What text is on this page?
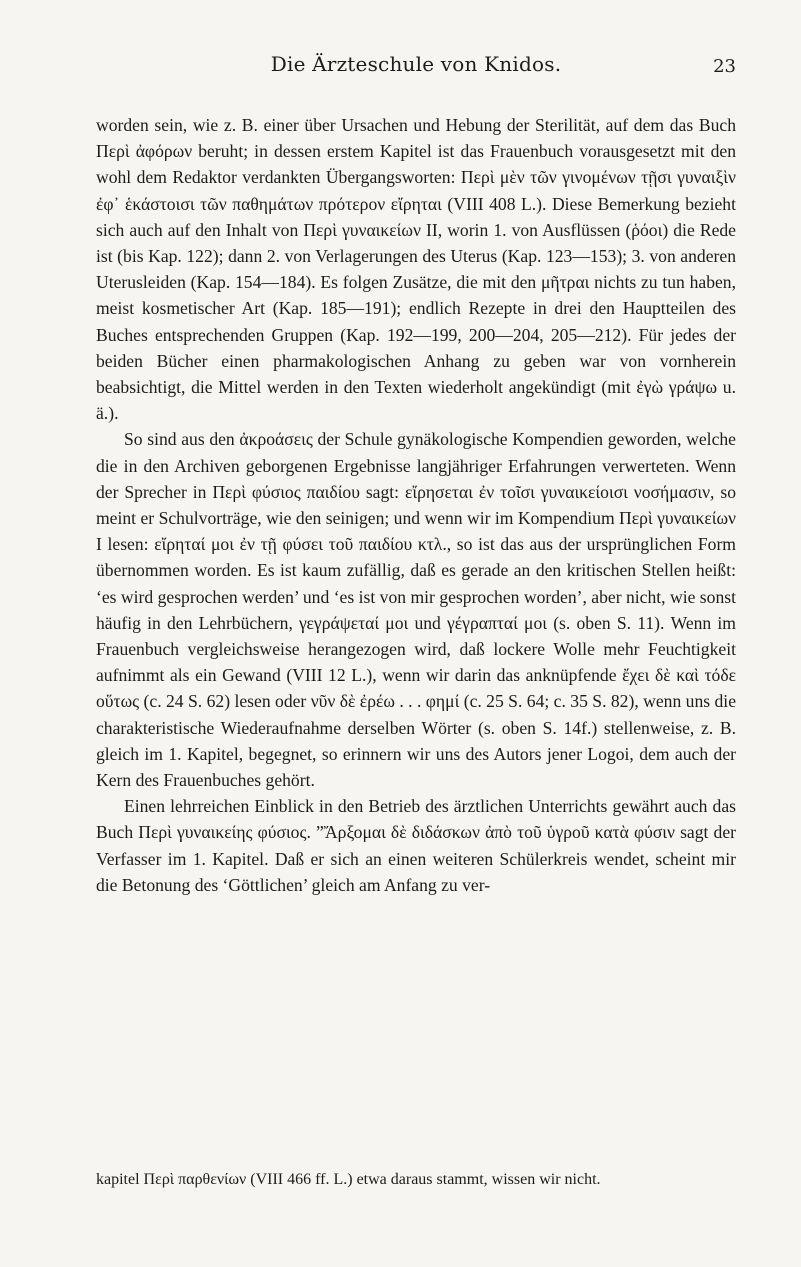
Die Ärzteschule von Knidos.	23

worden sein, wie z. B. einer über Ursachen und Hebung der Sterilität, auf dem das Buch Περὶ ἀφόρων beruht; in dessen erstem Kapitel ist das Frauenbuch vorausgesetzt mit den wohl dem Redaktor verdankten Übergangsworten: Περὶ μὲν τῶν γινομένων τῇσι γυναιξὶν ἐφ᾽ ἑκάστοισι τῶν παθημάτων πρότερον εἴρηται (VIII 408 L.). Diese Bemerkung bezieht sich auch auf den Inhalt von Περὶ γυναικείων II, worin 1. von Ausflüssen (ῥόοι) die Rede ist (bis Kap. 122); dann 2. von Verlagerungen des Uterus (Kap. 123—153); 3. von anderen Uterusleiden (Kap. 154—184). Es folgen Zusätze, die mit den μῆτραι nichts zu tun haben, meist kosmetischer Art (Kap. 185—191); endlich Rezepte in drei den Hauptteilen des Buches entsprechenden Gruppen (Kap. 192—199, 200—204, 205—212). Für jedes der beiden Bücher einen pharmakologischen Anhang zu geben war von vornherein beabsichtigt, die Mittel werden in den Texten wiederholt angekündigt (mit ἐγὼ γράψω u. ä.).

So sind aus den ἀκροάσεις der Schule gynäkologische Kompendien geworden, welche die in den Archiven geborgenen Ergebnisse langjähriger Erfahrungen verwerteten. Wenn der Sprecher in Περὶ φύσιος παιδίου sagt: εἴρησεται ἐν τοῖσι γυναικείοισι νοσήμασιν, so meint er Schulvorträge, wie den seinigen; und wenn wir im Kompendium Περὶ γυναικείων I lesen: εἴρηταί μοι ἐν τῇ φύσει τοῦ παιδίου κτλ., so ist das aus der ursprünglichen Form übernommen worden. Es ist kaum zufällig, daß es gerade an den kritischen Stellen heißt: ‘es wird gesprochen werden’ und ‘es ist von mir gesprochen worden’, aber nicht, wie sonst häufig in den Lehrbüchern, γεγράψεταί μοι und γέγραπταί μοι (s. oben S. 11). Wenn im Frauenbuch vergleichsweise herangezogen wird, daß lockere Wolle mehr Feuchtigkeit aufnimmt als ein Gewand (VIII 12 L.), wenn wir darin das anknüpfende ἔχει δὲ καὶ τόδε οὕτως (c. 24 S. 62) lesen oder νῦν δὲ ἐρέω . . . φημί (c. 25 S. 64; c. 35 S. 82), wenn uns die charakteristische Wiederaufnahme derselben Wörter (s. oben S. 14f.) stellenweise, z. B. gleich im 1. Kapitel, begegnet, so erinnern wir uns des Autors jener Logoi, dem auch der Kern des Frauenbuches gehört.

Einen lehrreichen Einblick in den Betrieb des ärztlichen Unterrichts gewährt auch das Buch Περὶ γυναικείης φύσιος. ”Ἄρξομαι δὲ διδάσκων ἀπὸ τοῦ ὑγροῦ κατὰ φύσιν sagt der Verfasser im 1. Kapitel. Daß er sich an einen weiteren Schülerkreis wendet, scheint mir die Betonung des ‘Göttlichen’ gleich am Anfang zu ver-

kapitel Περὶ παρθενίων (VIII 466 ff. L.) etwa daraus stammt, wissen wir nicht.
